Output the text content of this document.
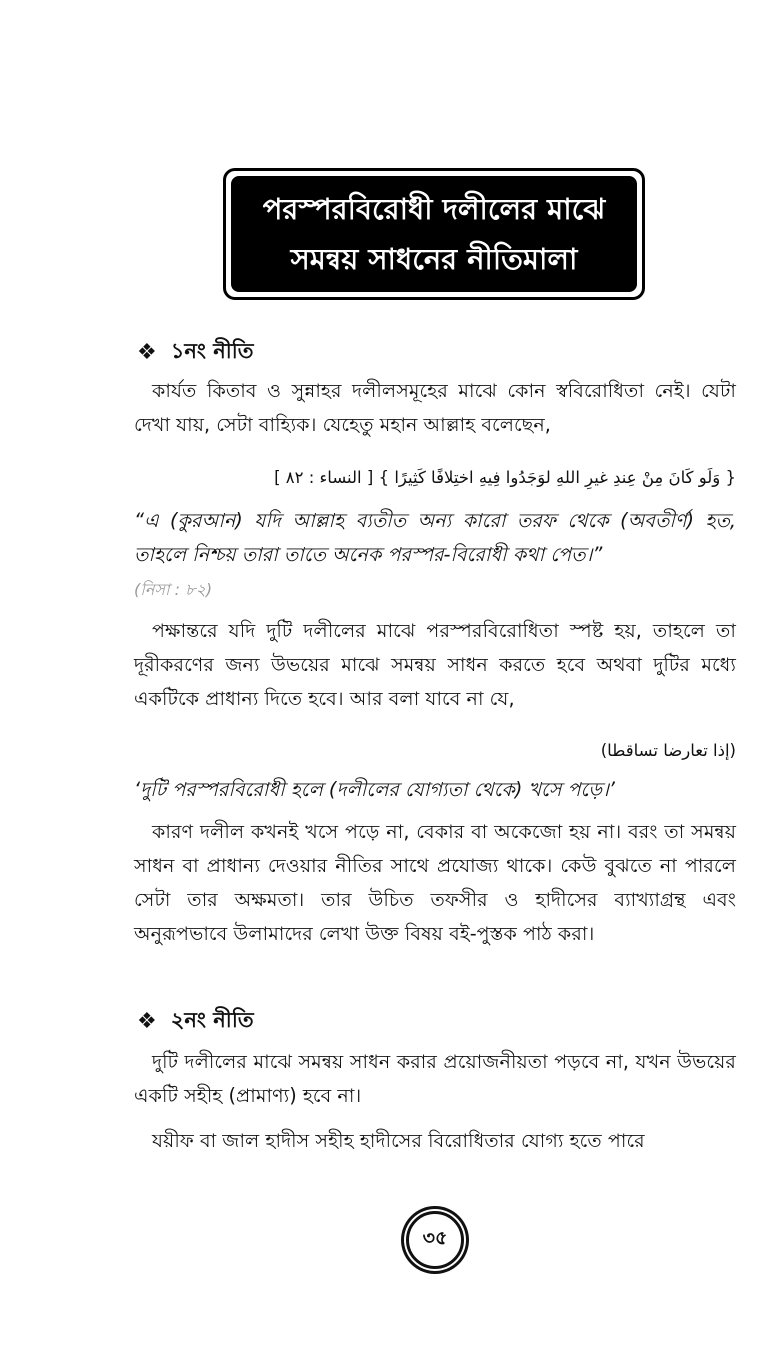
পরস্পরবিরোধী দলীলের মাঝে
সমন্বয় সাধনের নীতিমালা
❖ ১নং নীতি

কার্যত কিতাব ও সুন্নাহর দলীলসমূহের মাঝে কোন স্ববিরোধিতা নেই। যেটা দেখা যায়, সেটা বাহ্যিক। যেহেতু মহান আল্লাহ বলেছেন,

{ وَلَو كَانَ مِنْ عِندِ غيرِ اللهِ لوَجَدُوا فِيهِ اختِلافًا كَثِيرًا } [ النساء : ٨٢ ]

“এ (কুরআন) যদি আল্লাহ ব্যতীত অন্য কারো তরফ থেকে (অবতীর্ণ) হত, তাহলে নিশ্চয় তারা তাতে অনেক পরস্পর-বিরোধী কথা পেত।”

(নিসা : ৮২)

পক্ষান্তরে যদি দুটি দলীলের মাঝে পরস্পরবিরোধিতা স্পষ্ট হয়, তাহলে তা দূরীকরণের জন্য উভয়ের মাঝে সমন্বয় সাধন করতে হবে অথবা দুটির মধ্যে একটিকে প্রাধান্য দিতে হবে। আর বলা যাবে না যে,

(إذا تعارضا تساقطا)

‘দুটি পরস্পরবিরোধী হলে (দলীলের যোগ্যতা থেকে) খসে পড়ে।’

কারণ দলীল কখনই খসে পড়ে না, বেকার বা অকেজো হয় না। বরং তা সমন্বয় সাধন বা প্রাধান্য দেওয়ার নীতির সাথে প্রযোজ্য থাকে। কেউ বুঝতে না পারলে সেটা তার অক্ষমতা। তার উচিত তফসীর ও হাদীসের ব্যাখ্যাগ্রন্থ এবং অনুরূপভাবে উলামাদের লেখা উক্ত বিষয় বই-পুস্তক পাঠ করা।

❖ ২নং নীতি

দুটি দলীলের মাঝে সমন্বয় সাধন করার প্রয়োজনীয়তা পড়বে না, যখন উভয়ের একটি সহীহ (প্রামাণ্য) হবে না।

যয়ীফ বা জাল হাদীস সহীহ হাদীসের বিরোধিতার যোগ্য হতে পারে

৩৫
